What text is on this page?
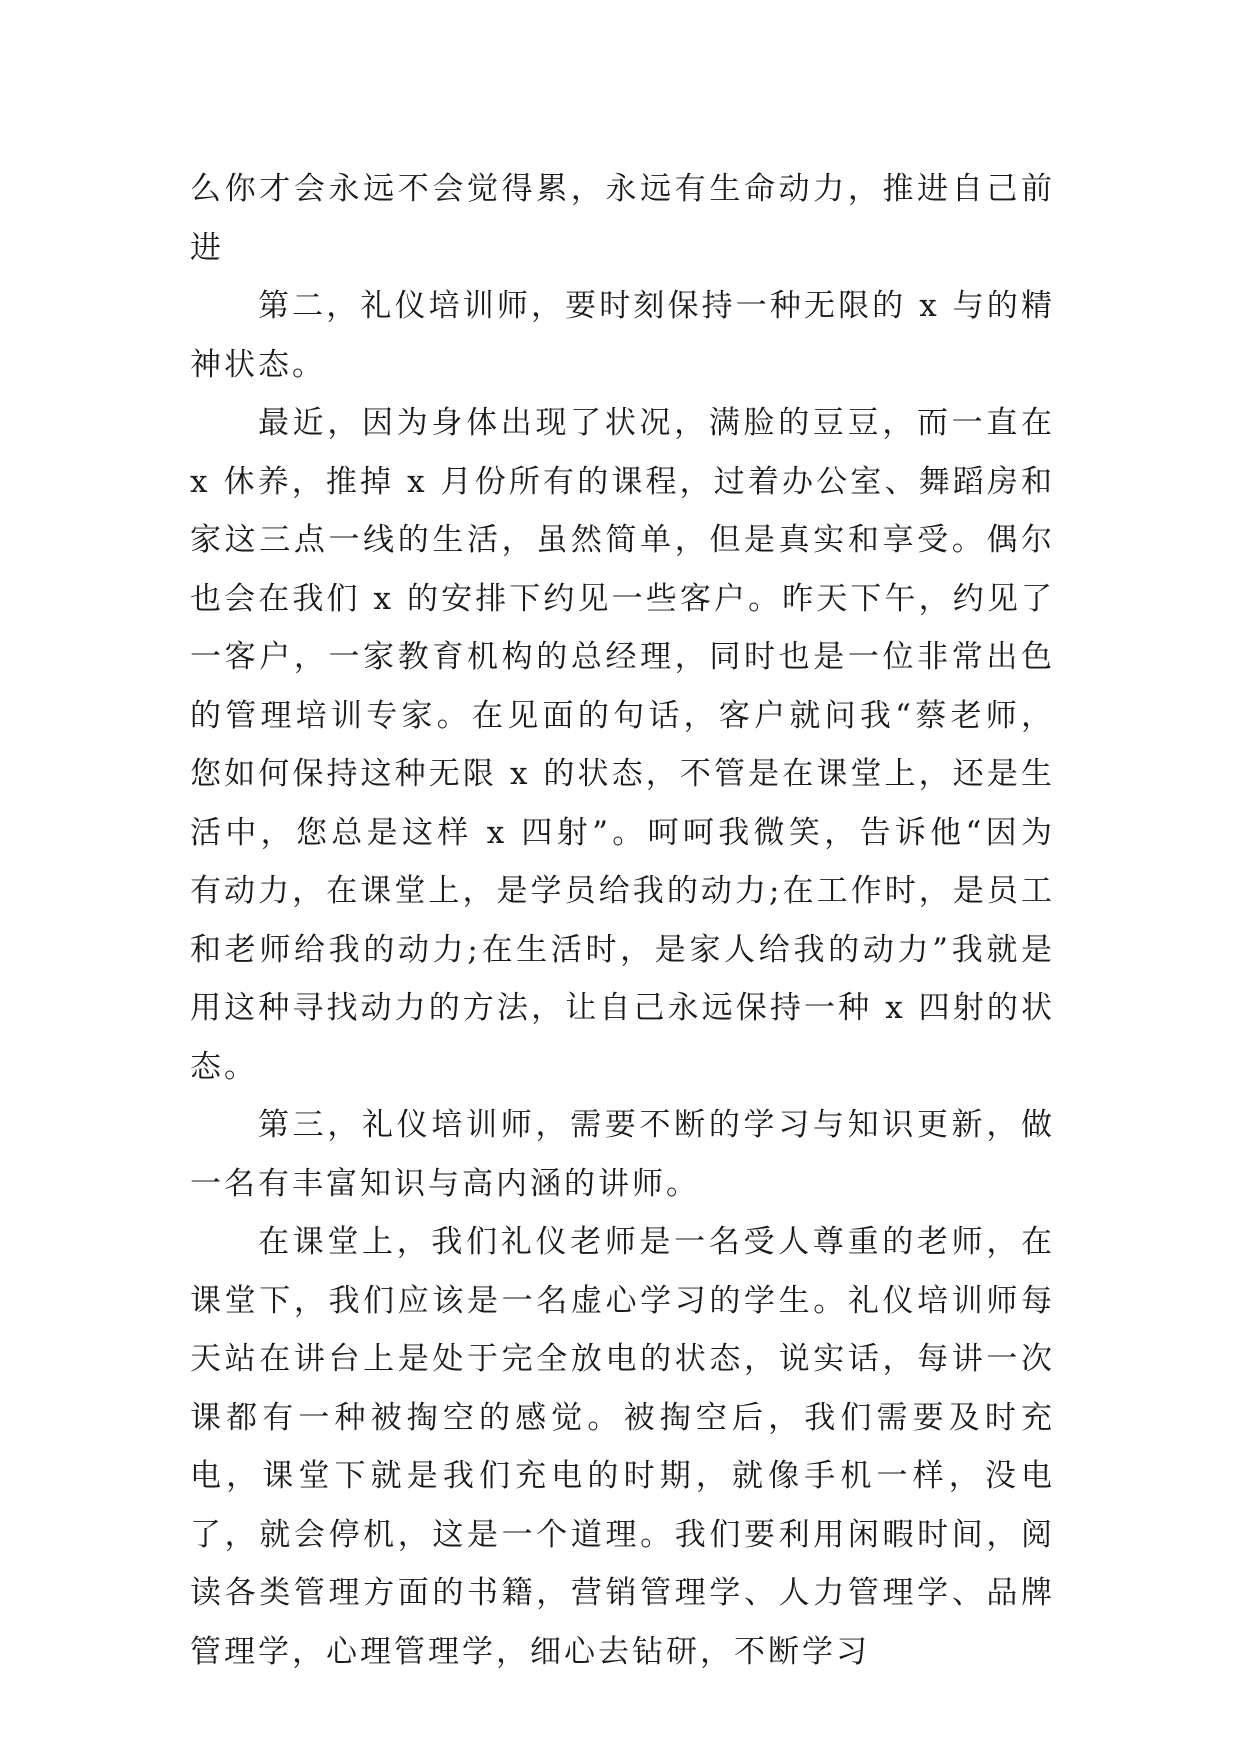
么你才会永远不会觉得累，永远有生命动力，推进自己前进

第二，礼仪培训师，要时刻保持一种无限的 x 与的精神状态。

最近，因为身体出现了状况，满脸的豆豆，而一直在 x 休养，推掉 x 月份所有的课程，过着办公室、舞蹈房和家这三点一线的生活，虽然简单，但是真实和享受。偶尔也会在我们 x 的安排下约见一些客户。昨天下午，约见了一客户，一家教育机构的总经理，同时也是一位非常出色的管理培训专家。在见面的句话，客户就问我“蔡老师，您如何保持这种无限 x 的状态，不管是在课堂上，还是生活中，您总是这样 x 四射”。呵呵我微笑，告诉他“因为有动力，在课堂上，是学员给我的动力;在工作时，是员工和老师给我的动力;在生活时，是家人给我的动力”我就是用这种寻找动力的方法，让自己永远保持一种 x 四射的状态。

第三，礼仪培训师，需要不断的学习与知识更新，做一名有丰富知识与高内涵的讲师。

在课堂上，我们礼仪老师是一名受人尊重的老师，在课堂下，我们应该是一名虚心学习的学生。礼仪培训师每天站在讲台上是处于完全放电的状态，说实话，每讲一次课都有一种被掏空的感觉。被掏空后，我们需要及时充电，课堂下就是我们充电的时期，就像手机一样，没电了，就会停机，这是一个道理。我们要利用闲暇时间，阅读各类管理方面的书籍，营销管理学、人力管理学、品牌管理学，心理管理学，细心去钻研，不断学习
